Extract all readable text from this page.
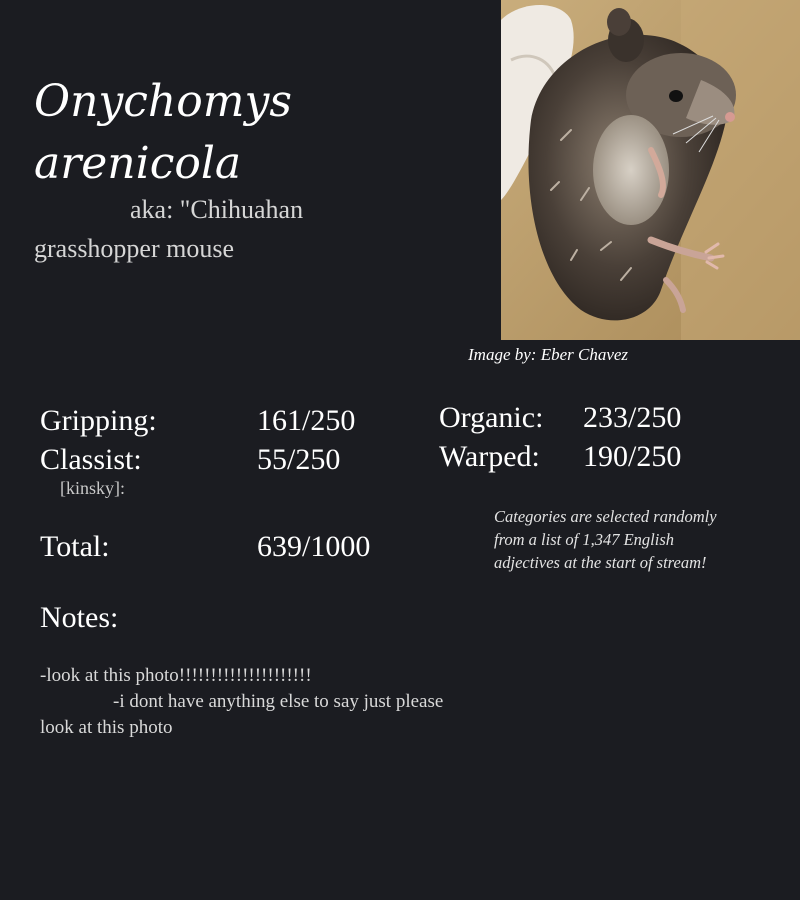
Onychomys
arenicola
aka: "Chihuahan
grasshopper mouse
Image by: Eber Chavez
Gripping:	161/250
Classist:	55/250
[kinsky]:
Organic: 233/250
Warped: 190/250
Total:	639/1000
Categories are selected randomly from a list of 1,347 English adjectives at the start of stream!
Notes:
-look at this photo!!!!!!!!!!!!!!!!!!!!!
-i dont have anything else to say just please
look at this photo
